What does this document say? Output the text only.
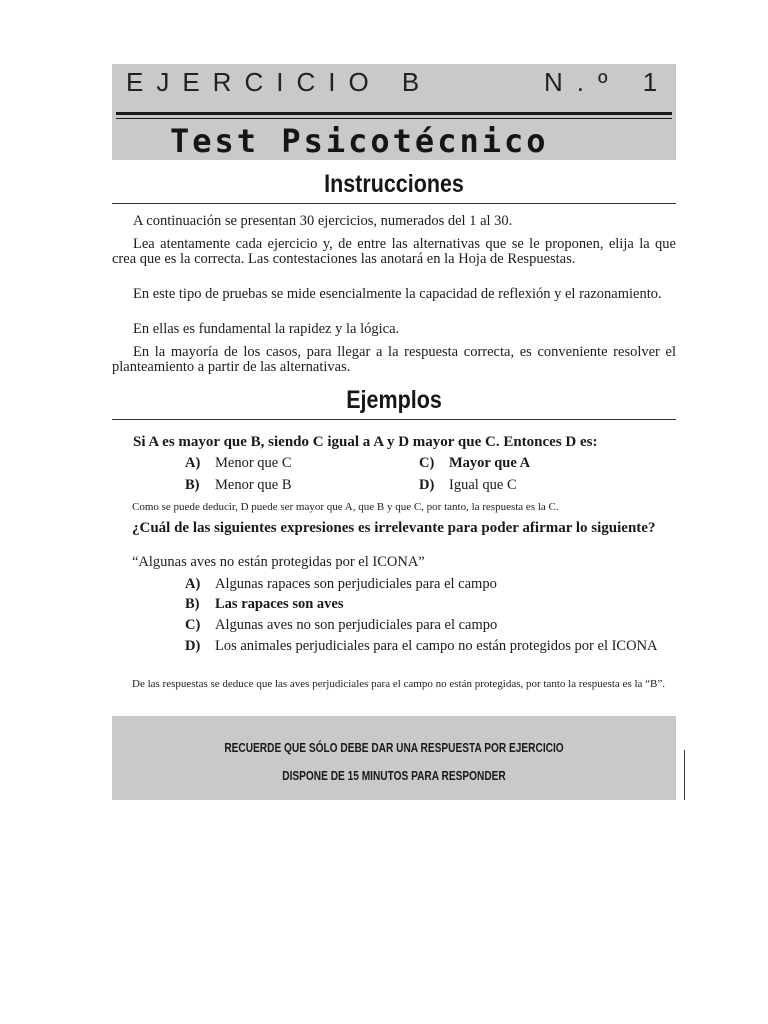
EJERCICIO B	N.º 1
Test Psicotécnico
Instrucciones
A continuación se presentan 30 ejercicios, numerados del 1 al 30.
Lea atentamente cada ejercicio y, de entre las alternativas que se le proponen, elija la que crea que es la correcta. Las contestaciones las anotará en la Hoja de Respuestas.
En este tipo de pruebas se mide esencialmente la capacidad de reflexión y el razonamiento.
En ellas es fundamental la rapidez y la lógica.
En la mayoría de los casos, para llegar a la respuesta correcta, es conveniente resolver el planteamiento a partir de las alternativas.
Ejemplos
Si A es mayor que B, siendo C igual a A y D mayor que C. Entonces D es:
A) Menor que C	C) Mayor que A
B) Menor que B	D) Igual que C
Como se puede deducir, D puede ser mayor que A, que B y que C, por tanto, la respuesta es la C.
¿Cuál de las siguientes expresiones es irrelevante para poder afirmar lo siguiente?
“Algunas aves no están protegidas por el ICONA”
A) Algunas rapaces son perjudiciales para el campo
B) Las rapaces son aves
C) Algunas aves no son perjudiciales para el campo
D) Los animales perjudiciales para el campo no están protegidos por el ICONA
De las respuestas se deduce que las aves perjudiciales para el campo no están protegidas, por tanto la respuesta es la “B”.
RECUERDE QUE SÓLO DEBE DAR UNA RESPUESTA POR EJERCICIO
DISPONE DE 15 MINUTOS PARA RESPONDER
